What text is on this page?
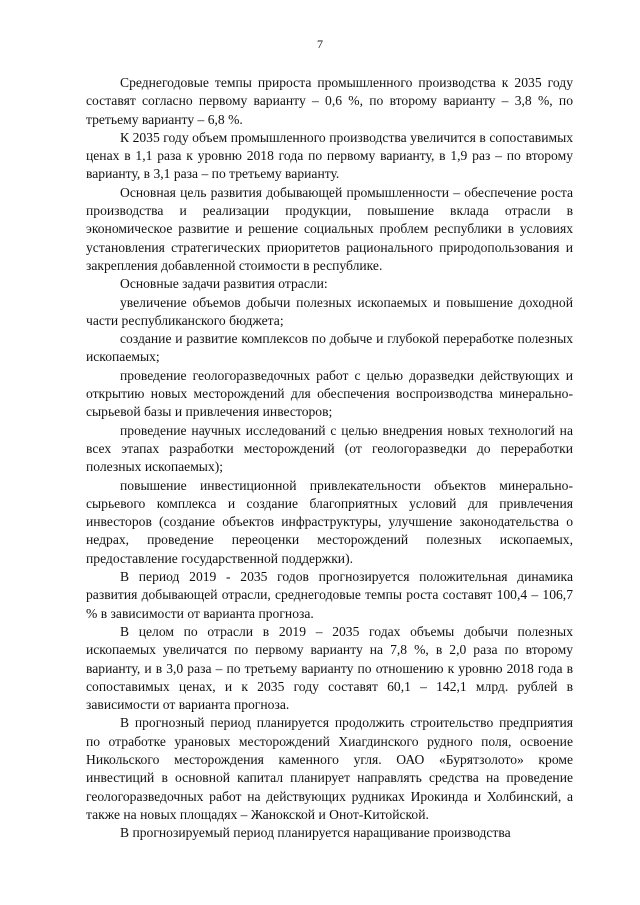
7

Среднегодовые темпы прироста промышленного производства к 2035 году составят согласно первому варианту – 0,6 %, по второму варианту – 3,8 %, по третьему варианту – 6,8 %.

К 2035 году объем промышленного производства увеличится в сопоставимых ценах в 1,1 раза к уровню 2018 года по первому варианту, в 1,9 раз – по второму варианту, в 3,1 раза – по третьему варианту.

Основная цель развития добывающей промышленности – обеспечение роста производства и реализации продукции, повышение вклада отрасли в экономическое развитие и решение социальных проблем республики в условиях установления стратегических приоритетов рационального природопользования и закрепления добавленной стоимости в республике.

Основные задачи развития отрасли:

увеличение объемов добычи полезных ископаемых и повышение доходной части республиканского бюджета;

создание и развитие комплексов по добыче и глубокой переработке полезных ископаемых;

проведение геологоразведочных работ с целью доразведки действующих и открытию новых месторождений для обеспечения воспроизводства минерально-сырьевой базы и привлечения инвесторов;

проведение научных исследований с целью внедрения новых технологий на всех этапах разработки месторождений (от геологоразведки до переработки полезных ископаемых);

повышение инвестиционной привлекательности объектов минерально-сырьевого комплекса и создание благоприятных условий для привлечения инвесторов (создание объектов инфраструктуры, улучшение законодательства о недрах, проведение переоценки месторождений полезных ископаемых, предоставление государственной поддержки).

В период 2019 - 2035 годов прогнозируется положительная динамика развития добывающей отрасли, среднегодовые темпы роста составят 100,4 – 106,7 % в зависимости от варианта прогноза.

В целом по отрасли в 2019 – 2035 годах объемы добычи полезных ископаемых увеличатся по первому варианту на 7,8 %, в 2,0 раза по второму варианту, и в 3,0 раза – по третьему варианту по отношению к уровню 2018 года в сопоставимых ценах, и к 2035 году составят 60,1 – 142,1 млрд. рублей в зависимости от варианта прогноза.

В прогнозный период планируется продолжить строительство предприятия по отработке урановых месторождений Хиагдинского рудного поля, освоение Никольского месторождения каменного угля. ОАО «Бурятзолото» кроме инвестиций в основной капитал планирует направлять средства на проведение геологоразведочных работ на действующих рудниках Ирокинда и Холбинский, а также на новых площадях – Жанокской и Онот-Китойской.

В прогнозируемый период планируется наращивание производства
